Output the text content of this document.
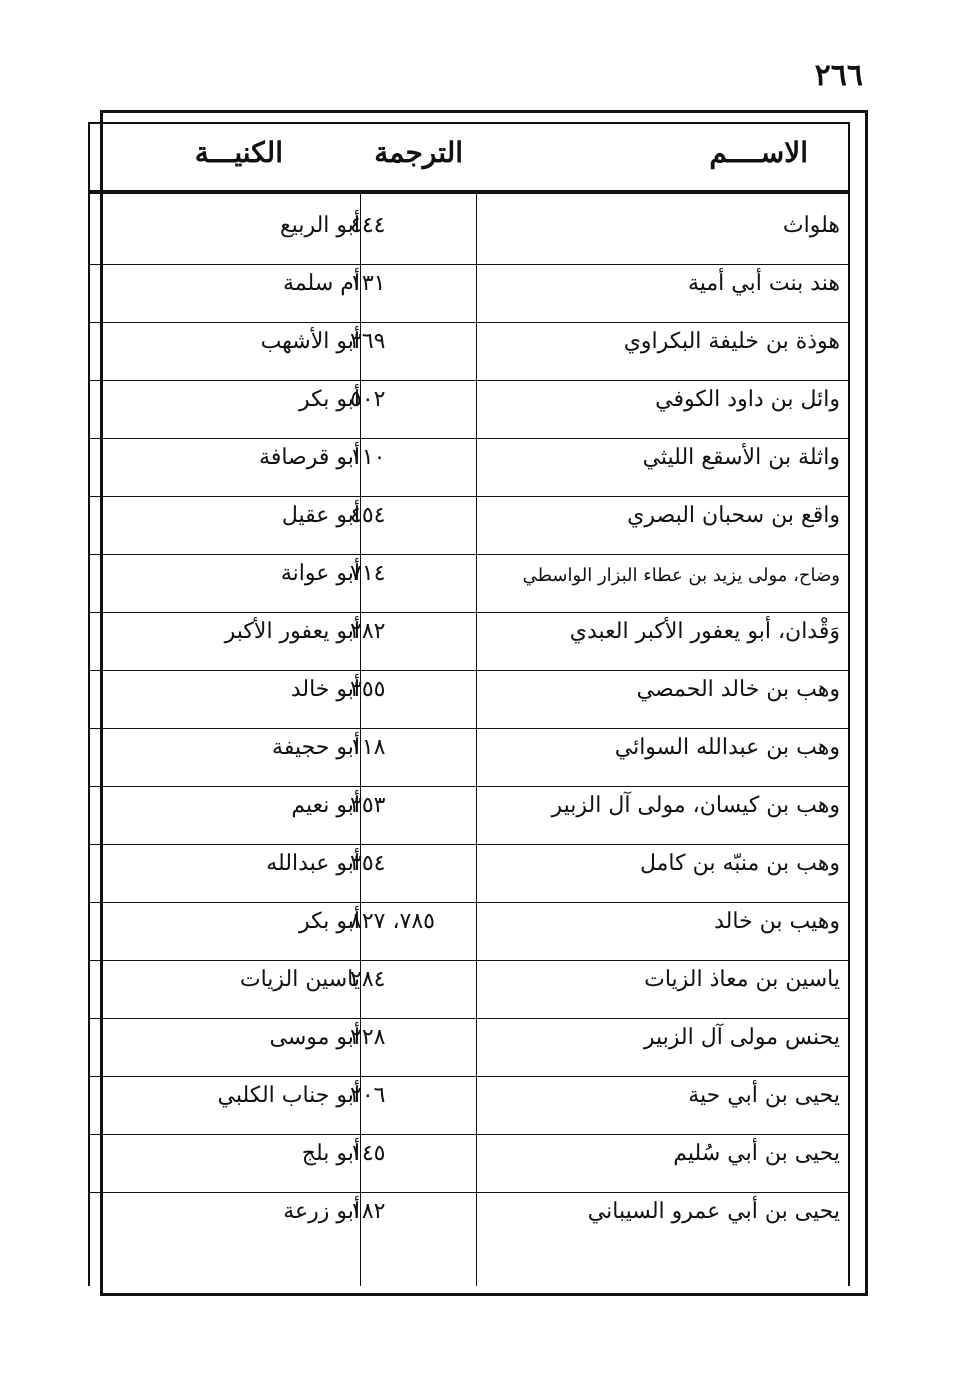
٢٦٦
الاســــم
الترجمة
الكنيـــة
هلواث
٤٤٤
أبو الربيع
هند بنت أبي أمية
١٣١
أم سلمة
هوذة بن خليفة البكراوي
٣٦٩
أبو الأشهب
وائل بن داود الكوفي
٥٠٢
أبو بكر
واثلة بن الأسقع الليثي
١١٠
أبو قرصافة
واقع بن سحبان البصري
٤٥٤
أبو عقيل
وضاح، مولى يزيد بن عطاء البزار الواسطي
٧١٤
أبو عوانة
وَقْدان، أبو يعفور الأكبر العبدي
٢٨٢
أبو يعفور الأكبر
وهب بن خالد الحمصي
٣٥٥
أبو خالد
وهب بن عبدالله السوائي
١١٨
أبو حجيفة
وهب بن كيسان، مولى آل الزبير
٣٥٣
أبو نعيم
وهب بن منبّه بن كامل
٣٥٤
أبو عبدالله
وهيب بن خالد
٧٨٥، ٨٢٧
أبو بكر
ياسين بن معاذ الزيات
٢٨٤
ياسين الزيات
يحنس مولى آل الزبير
٢٢٨
أبو موسى
يحيى بن أبي حية
٢٠٦
أبو جناب الكلبي
يحيى بن أبي سُليم
١٤٥
أبو بلج
يحيى بن أبي عمرو السيباني
١٨٢
أبو زرعة
